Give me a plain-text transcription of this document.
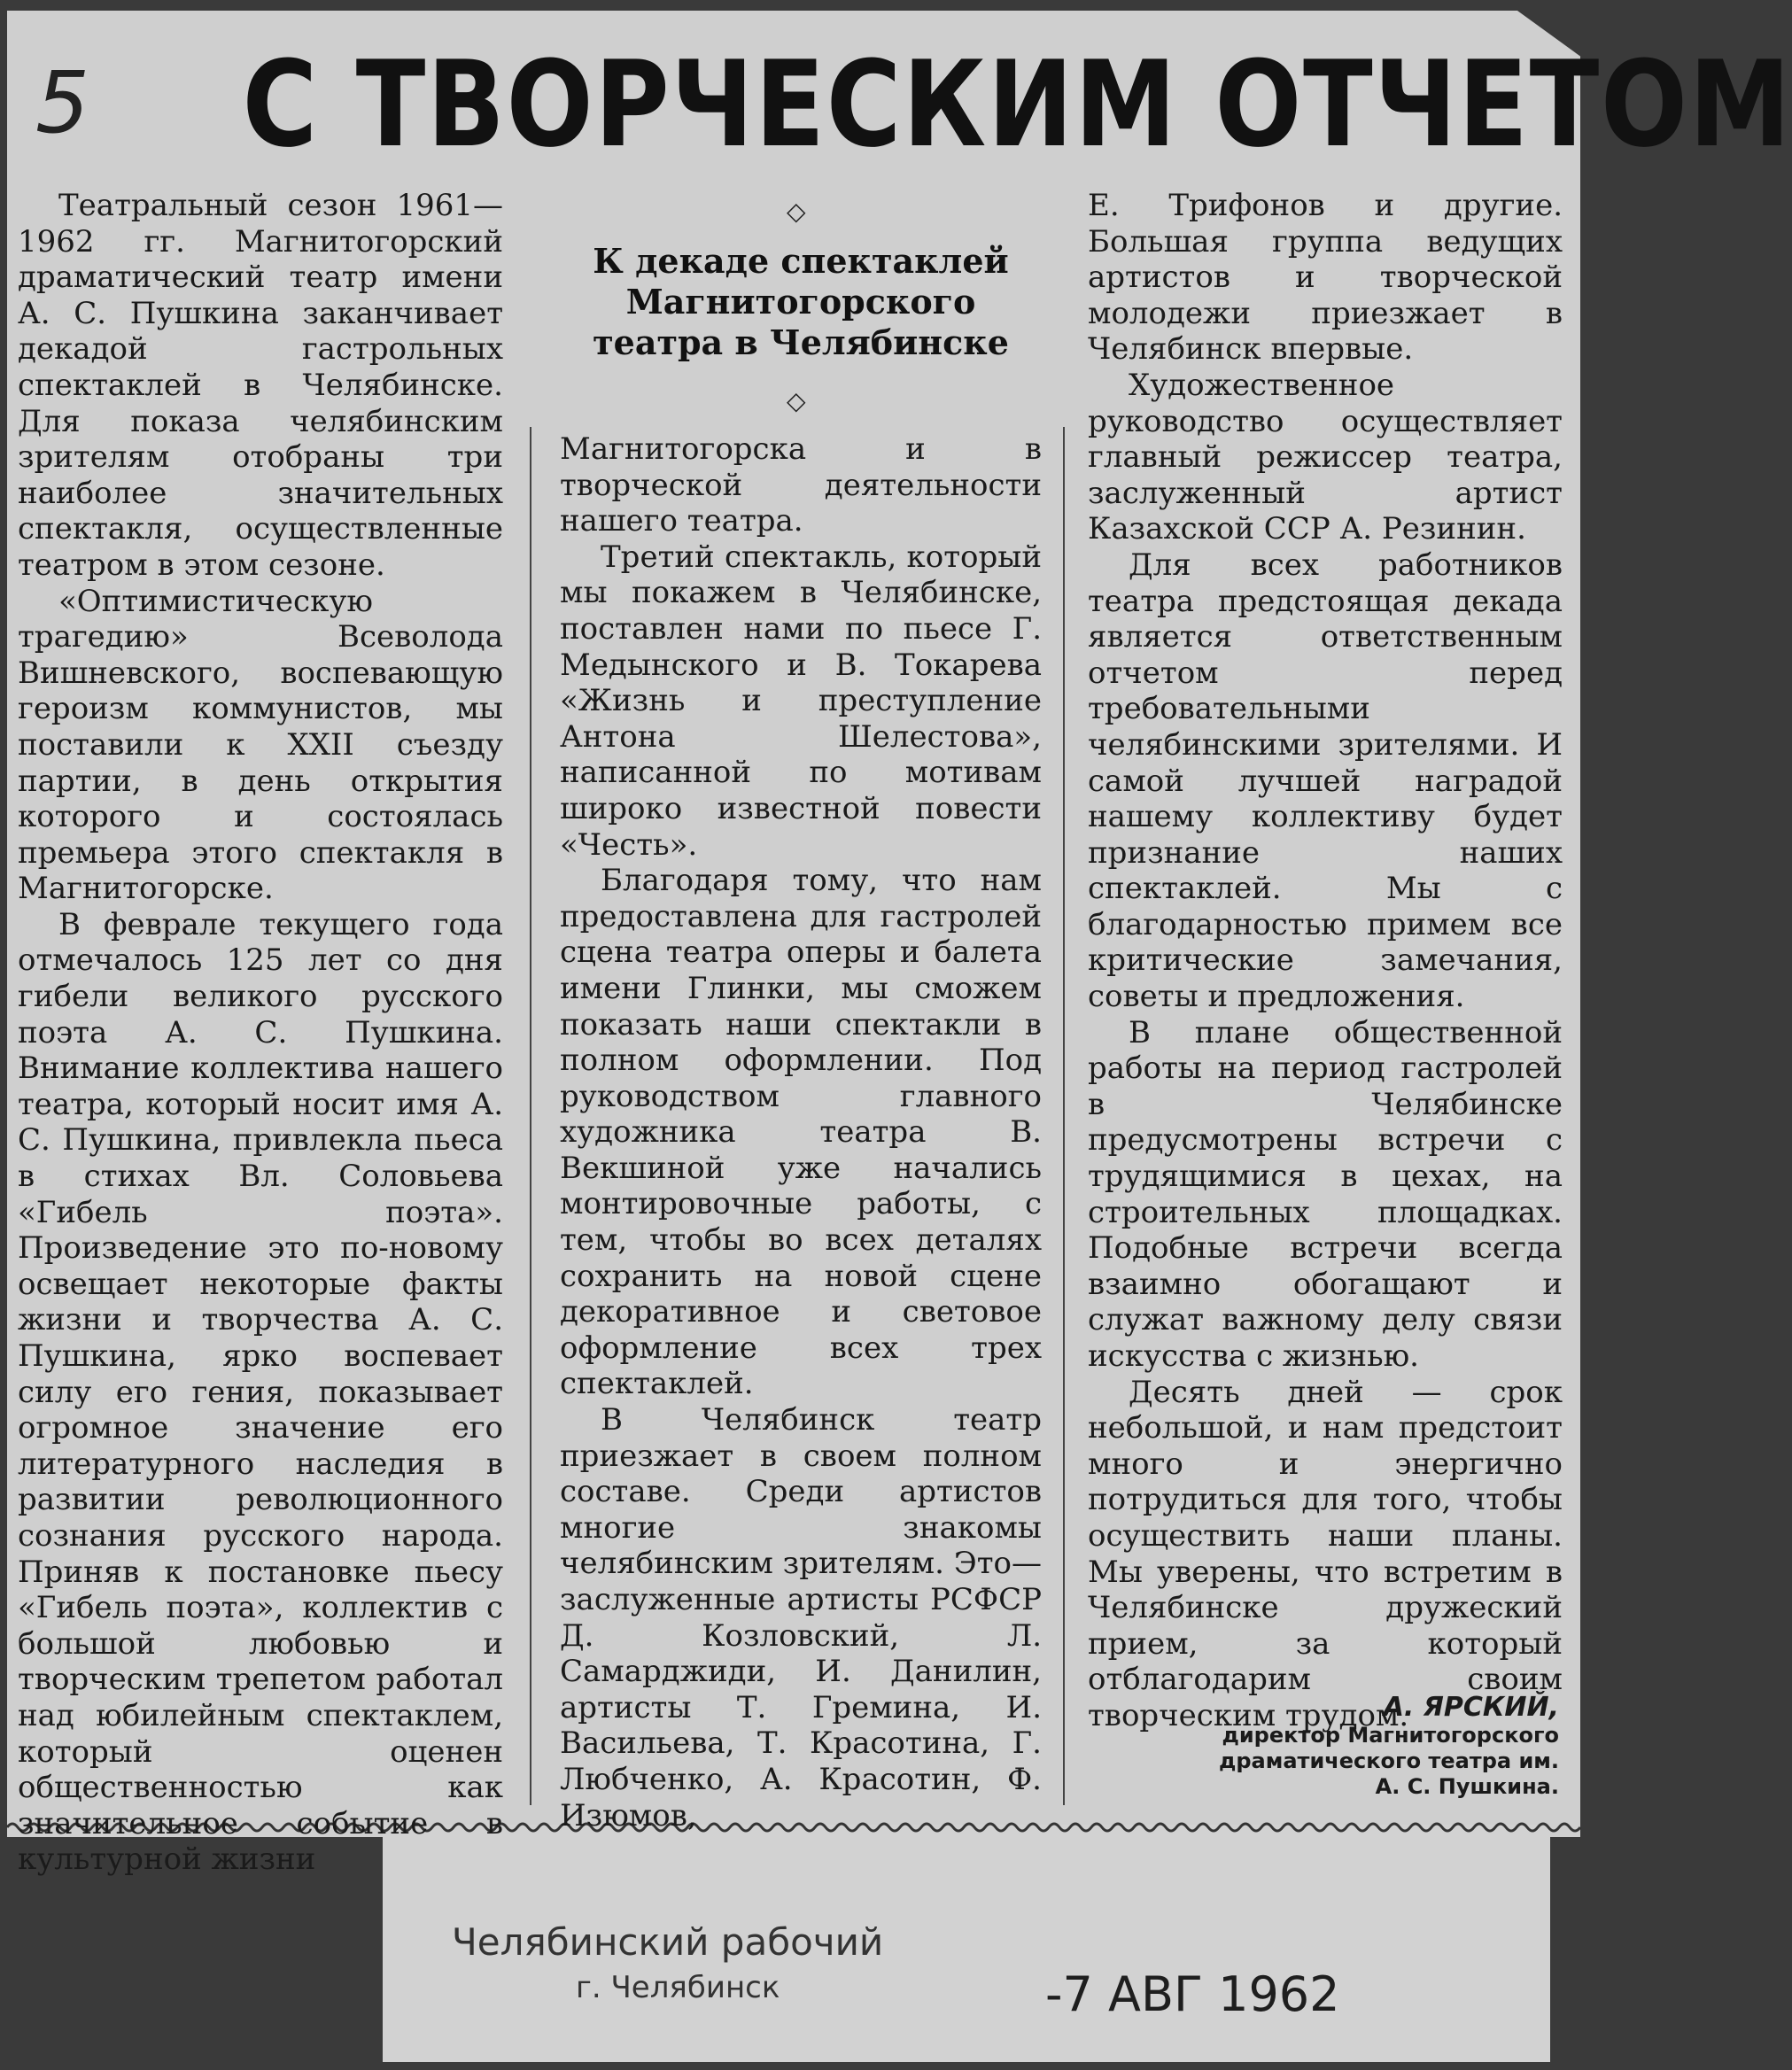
5 С ТВОРЧЕСКИМ ОТЧЕТОМ
◇
К декаде спектаклей
Магнитогорского
театра в Челябинске
◇

Театральный сезон 1961—1962 гг. Магнитогорский драматический театр имени А. С. Пушкина заканчивает декадой гастрольных спектаклей в Челябинске. Для показа челябинским зрителям отобраны три наиболее значительных спектакля, осуществленные театром в этом сезоне.

«Оптимистическую трагедию» Всеволода Вишневского, воспевающую героизм коммунистов, мы поставили к XXII съезду партии, в день открытия которого и состоялась премьера этого спектакля в Магнитогорске.

В феврале текущего года отмечалось 125 лет со дня гибели великого русского поэта А. С. Пушкина. Внимание коллектива нашего театра, который носит имя А. С. Пушкина, привлекла пьеса в стихах Вл. Соловьева «Гибель поэта». Произведение это по-новому освещает некоторые факты жизни и творчества А. С. Пушкина, ярко воспевает силу его гения, показывает огромное значение его литературного наследия в развитии революционного сознания русского народа. Приняв к постановке пьесу «Гибель поэта», коллектив с большой любовью и творческим трепетом работал над юбилейным спектаклем, который оценен общественностью как значительное событие в культурной жизни

Магнитогорска и в творческой деятельности нашего театра.

Третий спектакль, который мы покажем в Челябинске, поставлен нами по пьесе Г. Медынского и В. Токарева «Жизнь и преступление Антона Шелестова», написанной по мотивам широко известной повести «Честь».

Благодаря тому, что нам предоставлена для гастролей сцена театра оперы и балета имени Глинки, мы сможем показать наши спектакли в полном оформлении. Под руководством главного художника театра В. Векшиной уже начались монтировочные работы, с тем, чтобы во всех деталях сохранить на новой сцене декоративное и световое оформление всех трех спектаклей.

В Челябинск театр приезжает в своем полном составе. Среди артистов многие знакомы челябинским зрителям. Это—заслуженные артисты РСФСР Д. Козловский, Л. Самарджиди, И. Данилин, артисты Т. Гремина, И. Васильева, Т. Красотина, Г. Любченко, А. Красотин, Ф. Изюмов,

Е. Трифонов и другие. Большая группа ведущих артистов и творческой молодежи приезжает в Челябинск впервые.

Художественное руководство осуществляет главный режиссер театра, заслуженный артист Казахской ССР А. Резинин.

Для всех работников театра предстоящая декада является ответственным отчетом перед требовательными челябинскими зрителями. И самой лучшей наградой нашему коллективу будет признание наших спектаклей. Мы с благодарностью примем все критические замечания, советы и предложения.

В плане общественной работы на период гастролей в Челябинске предусмотрены встречи с трудящимися в цехах, на строительных площадках. Подобные встречи всегда взаимно обогащают и служат важному делу связи искусства с жизнью.

Десять дней — срок небольшой, и нам предстоит много и энергично потрудиться для того, чтобы осуществить наши планы. Мы уверены, что встретим в Челябинске дружеский прием, за который отблагодарим своим творческим трудом.

А. ЯРСКИЙ,
директор Магнитогорского
драматического театра им.
А. С. Пушкина.
Челябинский рабочий
г. Челябинск	-7 АВГ 1962
